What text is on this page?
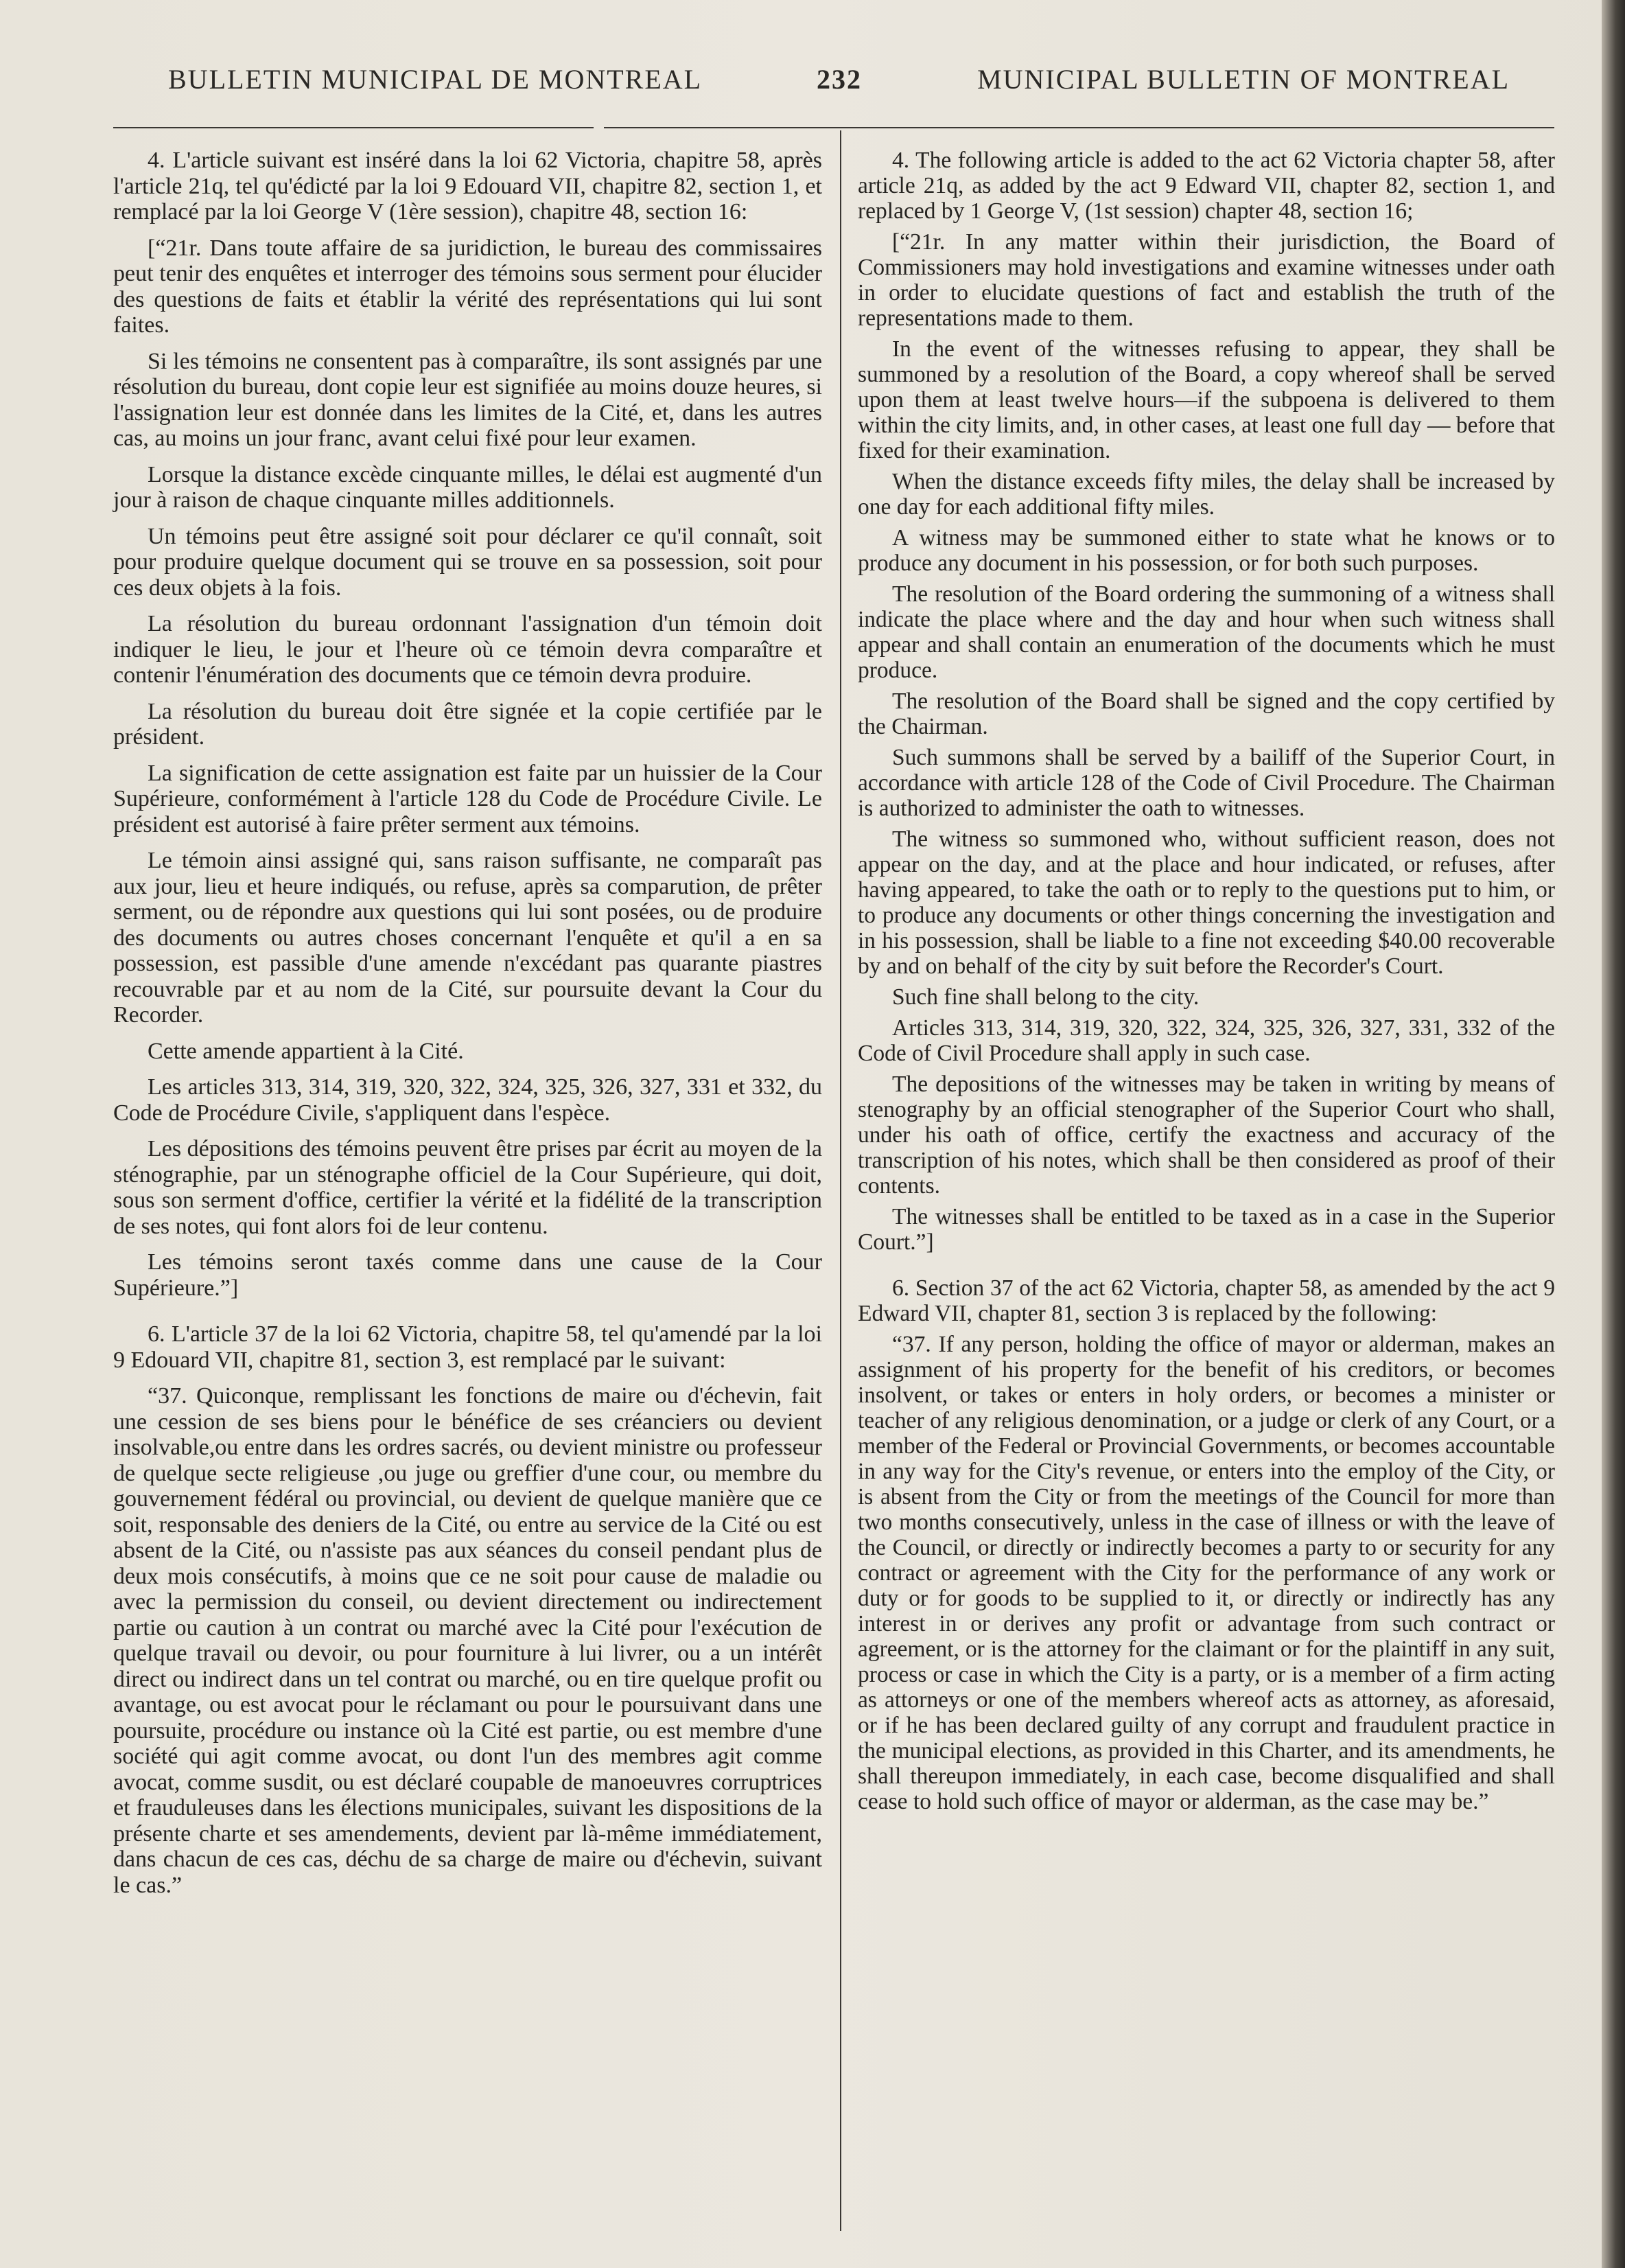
BULLETIN MUNICIPAL DE MONTREAL	232	MUNICIPAL BULLETIN OF MONTREAL

4. L'article suivant est inséré dans la loi 62 Victoria, chapitre 58, après l'article 21q, tel qu'édicté par la loi 9 Edouard VII, chapitre 82, section 1, et remplacé par la loi George V (1ère session), chapitre 48, section 16:

[“21r. Dans toute affaire de sa juridiction, le bureau des commissaires peut tenir des enquêtes et interroger des témoins sous serment pour élucider des questions de faits et établir la vérité des représentations qui lui sont faites.

Si les témoins ne consentent pas à comparaître, ils sont assignés par une résolution du bureau, dont copie leur est signifiée au moins douze heures, si l'assignation leur est donnée dans les limites de la Cité, et, dans les autres cas, au moins un jour franc, avant celui fixé pour leur examen.

Lorsque la distance excède cinquante milles, le délai est augmenté d'un jour à raison de chaque cinquante milles additionnels.

Un témoins peut être assigné soit pour déclarer ce qu'il connaît, soit pour produire quelque document qui se trouve en sa possession, soit pour ces deux objets à la fois.

La résolution du bureau ordonnant l'assignation d'un témoin doit indiquer le lieu, le jour et l'heure où ce témoin devra comparaître et contenir l'énumération des documents que ce témoin devra produire.

La résolution du bureau doit être signée et la copie certifiée par le président.

La signification de cette assignation est faite par un huissier de la Cour Supérieure, conformément à l'article 128 du Code de Procédure Civile. Le président est autorisé à faire prêter serment aux témoins.

Le témoin ainsi assigné qui, sans raison suffisante, ne comparaît pas aux jour, lieu et heure indiqués, ou refuse, après sa comparution, de prêter serment, ou de répondre aux questions qui lui sont posées, ou de produire des documents ou autres choses concernant l'enquête et qu'il a en sa possession, est passible d'une amende n'excédant pas quarante piastres recouvrable par et au nom de la Cité, sur poursuite devant la Cour du Recorder.

Cette amende appartient à la Cité.

Les articles 313, 314, 319, 320, 322, 324, 325, 326, 327, 331 et 332, du Code de Procédure Civile, s'appliquent dans l'espèce.

Les dépositions des témoins peuvent être prises par écrit au moyen de la sténographie, par un sténographe officiel de la Cour Supérieure, qui doit, sous son serment d'office, certifier la vérité et la fidélité de la transcription de ses notes, qui font alors foi de leur contenu.

Les témoins seront taxés comme dans une cause de la Cour Supérieure.”]

6. L'article 37 de la loi 62 Victoria, chapitre 58, tel qu'amendé par la loi 9 Edouard VII, chapitre 81, section 3, est remplacé par le suivant:

“37. Quiconque, remplissant les fonctions de maire ou d'échevin, fait une cession de ses biens pour le bénéfice de ses créanciers ou devient insolvable,ou entre dans les ordres sacrés, ou devient ministre ou professeur de quelque secte religieuse ,ou juge ou greffier d'une cour, ou membre du gouvernement fédéral ou provincial, ou devient de quelque manière que ce soit, responsable des deniers de la Cité, ou entre au service de la Cité ou est absent de la Cité, ou n'assiste pas aux séances du conseil pendant plus de deux mois consécutifs, à moins que ce ne soit pour cause de maladie ou avec la permission du conseil, ou devient directement ou indirectement partie ou caution à un contrat ou marché avec la Cité pour l'exécution de quelque travail ou devoir, ou pour fourniture à lui livrer, ou a un intérêt direct ou indirect dans un tel contrat ou marché, ou en tire quelque profit ou avantage, ou est avocat pour le réclamant ou pour le poursuivant dans une poursuite, procédure ou instance où la Cité est partie, ou est membre d'une société qui agit comme avocat, ou dont l'un des membres agit comme avocat, comme susdit, ou est déclaré coupable de manoeuvres corruptrices et frauduleuses dans les élections municipales, suivant les dispositions de la présente charte et ses amendements, devient par là-même immédiatement, dans chacun de ces cas, déchu de sa charge de maire ou d'échevin, suivant le cas.”

4. The following article is added to the act 62 Victoria chapter 58, after article 21q, as added by the act 9 Edward VII, chapter 82, section 1, and replaced by 1 George V, (1st session) chapter 48, section 16;

[“21r. In any matter within their jurisdiction, the Board of Commissioners may hold investigations and examine witnesses under oath in order to elucidate questions of fact and establish the truth of the representations made to them.

In the event of the witnesses refusing to appear, they shall be summoned by a resolution of the Board, a copy whereof shall be served upon them at least twelve hours—if the subpoena is delivered to them within the city limits, and, in other cases, at least one full day — before that fixed for their examination.

When the distance exceeds fifty miles, the delay shall be increased by one day for each additional fifty miles.

A witness may be summoned either to state what he knows or to produce any document in his possession, or for both such purposes.

The resolution of the Board ordering the summoning of a witness shall indicate the place where and the day and hour when such witness shall appear and shall contain an enumeration of the documents which he must produce.

The resolution of the Board shall be signed and the copy certified by the Chairman.

Such summons shall be served by a bailiff of the Superior Court, in accordance with article 128 of the Code of Civil Procedure. The Chairman is authorized to administer the oath to witnesses.

The witness so summoned who, without sufficient reason, does not appear on the day, and at the place and hour indicated, or refuses, after having appeared, to take the oath or to reply to the questions put to him, or to produce any documents or other things concerning the investigation and in his possession, shall be liable to a fine not exceeding $40.00 recoverable by and on behalf of the city by suit before the Recorder's Court.

Such fine shall belong to the city.

Articles 313, 314, 319, 320, 322, 324, 325, 326, 327, 331, 332 of the Code of Civil Procedure shall apply in such case.

The depositions of the witnesses may be taken in writing by means of stenography by an official stenographer of the Superior Court who shall, under his oath of office, certify the exactness and accuracy of the transcription of his notes, which shall be then considered as proof of their contents.

The witnesses shall be entitled to be taxed as in a case in the Superior Court.”]

6. Section 37 of the act 62 Victoria, chapter 58, as amended by the act 9 Edward VII, chapter 81, section 3 is replaced by the following:

“37. If any person, holding the office of mayor or alderman, makes an assignment of his property for the benefit of his creditors, or becomes insolvent, or takes or enters in holy orders, or becomes a minister or teacher of any religious denomination, or a judge or clerk of any Court, or a member of the Federal or Provincial Governments, or becomes accountable in any way for the City's revenue, or enters into the employ of the City, or is absent from the City or from the meetings of the Council for more than two months consecutively, unless in the case of illness or with the leave of the Council, or directly or indirectly becomes a party to or security for any contract or agreement with the City for the performance of any work or duty or for goods to be supplied to it, or directly or indirectly has any interest in or derives any profit or advantage from such contract or agreement, or is the attorney for the claimant or for the plaintiff in any suit, process or case in which the City is a party, or is a member of a firm acting as attorneys or one of the members whereof acts as attorney, as aforesaid, or if he has been declared guilty of any corrupt and fraudulent practice in the municipal elections, as provided in this Charter, and its amendments, he shall thereupon immediately, in each case, become disqualified and shall cease to hold such office of mayor or alderman, as the case may be.”
